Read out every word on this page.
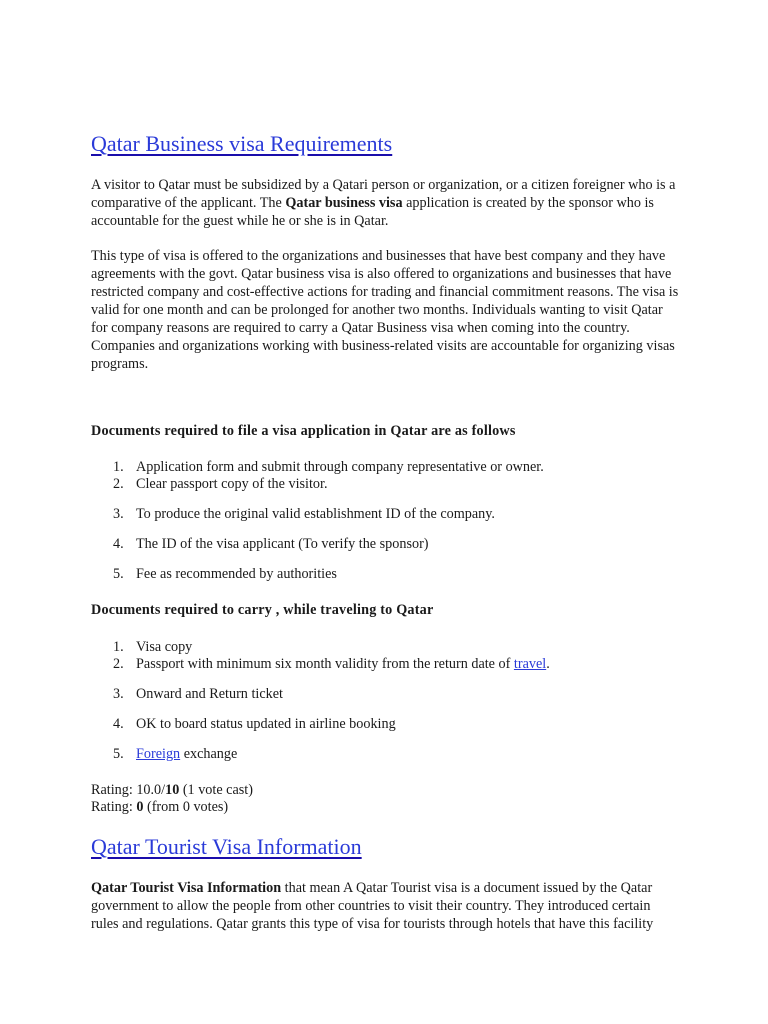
Qatar Business visa Requirements

A visitor to Qatar must be subsidized by a Qatari person or organization, or a citizen foreigner who is a comparative of the applicant. The Qatar business visa application is created by the sponsor who is accountable for the guest while he or she is in Qatar.

This type of visa is offered to the organizations and businesses that have best company and they have agreements with the govt. Qatar business visa is also offered to organizations and businesses that have restricted company and cost-effective actions for trading and financial commitment reasons. The visa is valid for one month and can be prolonged for another two months. Individuals wanting to visit Qatar for company reasons are required to carry a Qatar Business visa when coming into the country. Companies and organizations working with business-related visits are accountable for organizing visas programs.

Documents required to file a visa application in Qatar are as follows

1. Application form and submit through company representative or owner.

2. Clear passport copy of the visitor.

3. To produce the original valid establishment ID of the company.

4. The ID of the visa applicant (To verify the sponsor)

5. Fee as recommended by authorities

Documents required to carry , while traveling to Qatar

1. Visa copy

2. Passport with minimum six month validity from the return date of travel.

3. Onward and Return ticket

4. OK to board status updated in airline booking

5. Foreign exchange

Rating: 10.0/10 (1 vote cast)

Rating: 0 (from 0 votes)

Qatar Tourist Visa Information

Qatar Tourist Visa Information that mean A Qatar Tourist visa is a document issued by the Qatar government to allow the people from other countries to visit their country. They introduced certain rules and regulations. Qatar grants this type of visa for tourists through hotels that have this facility
